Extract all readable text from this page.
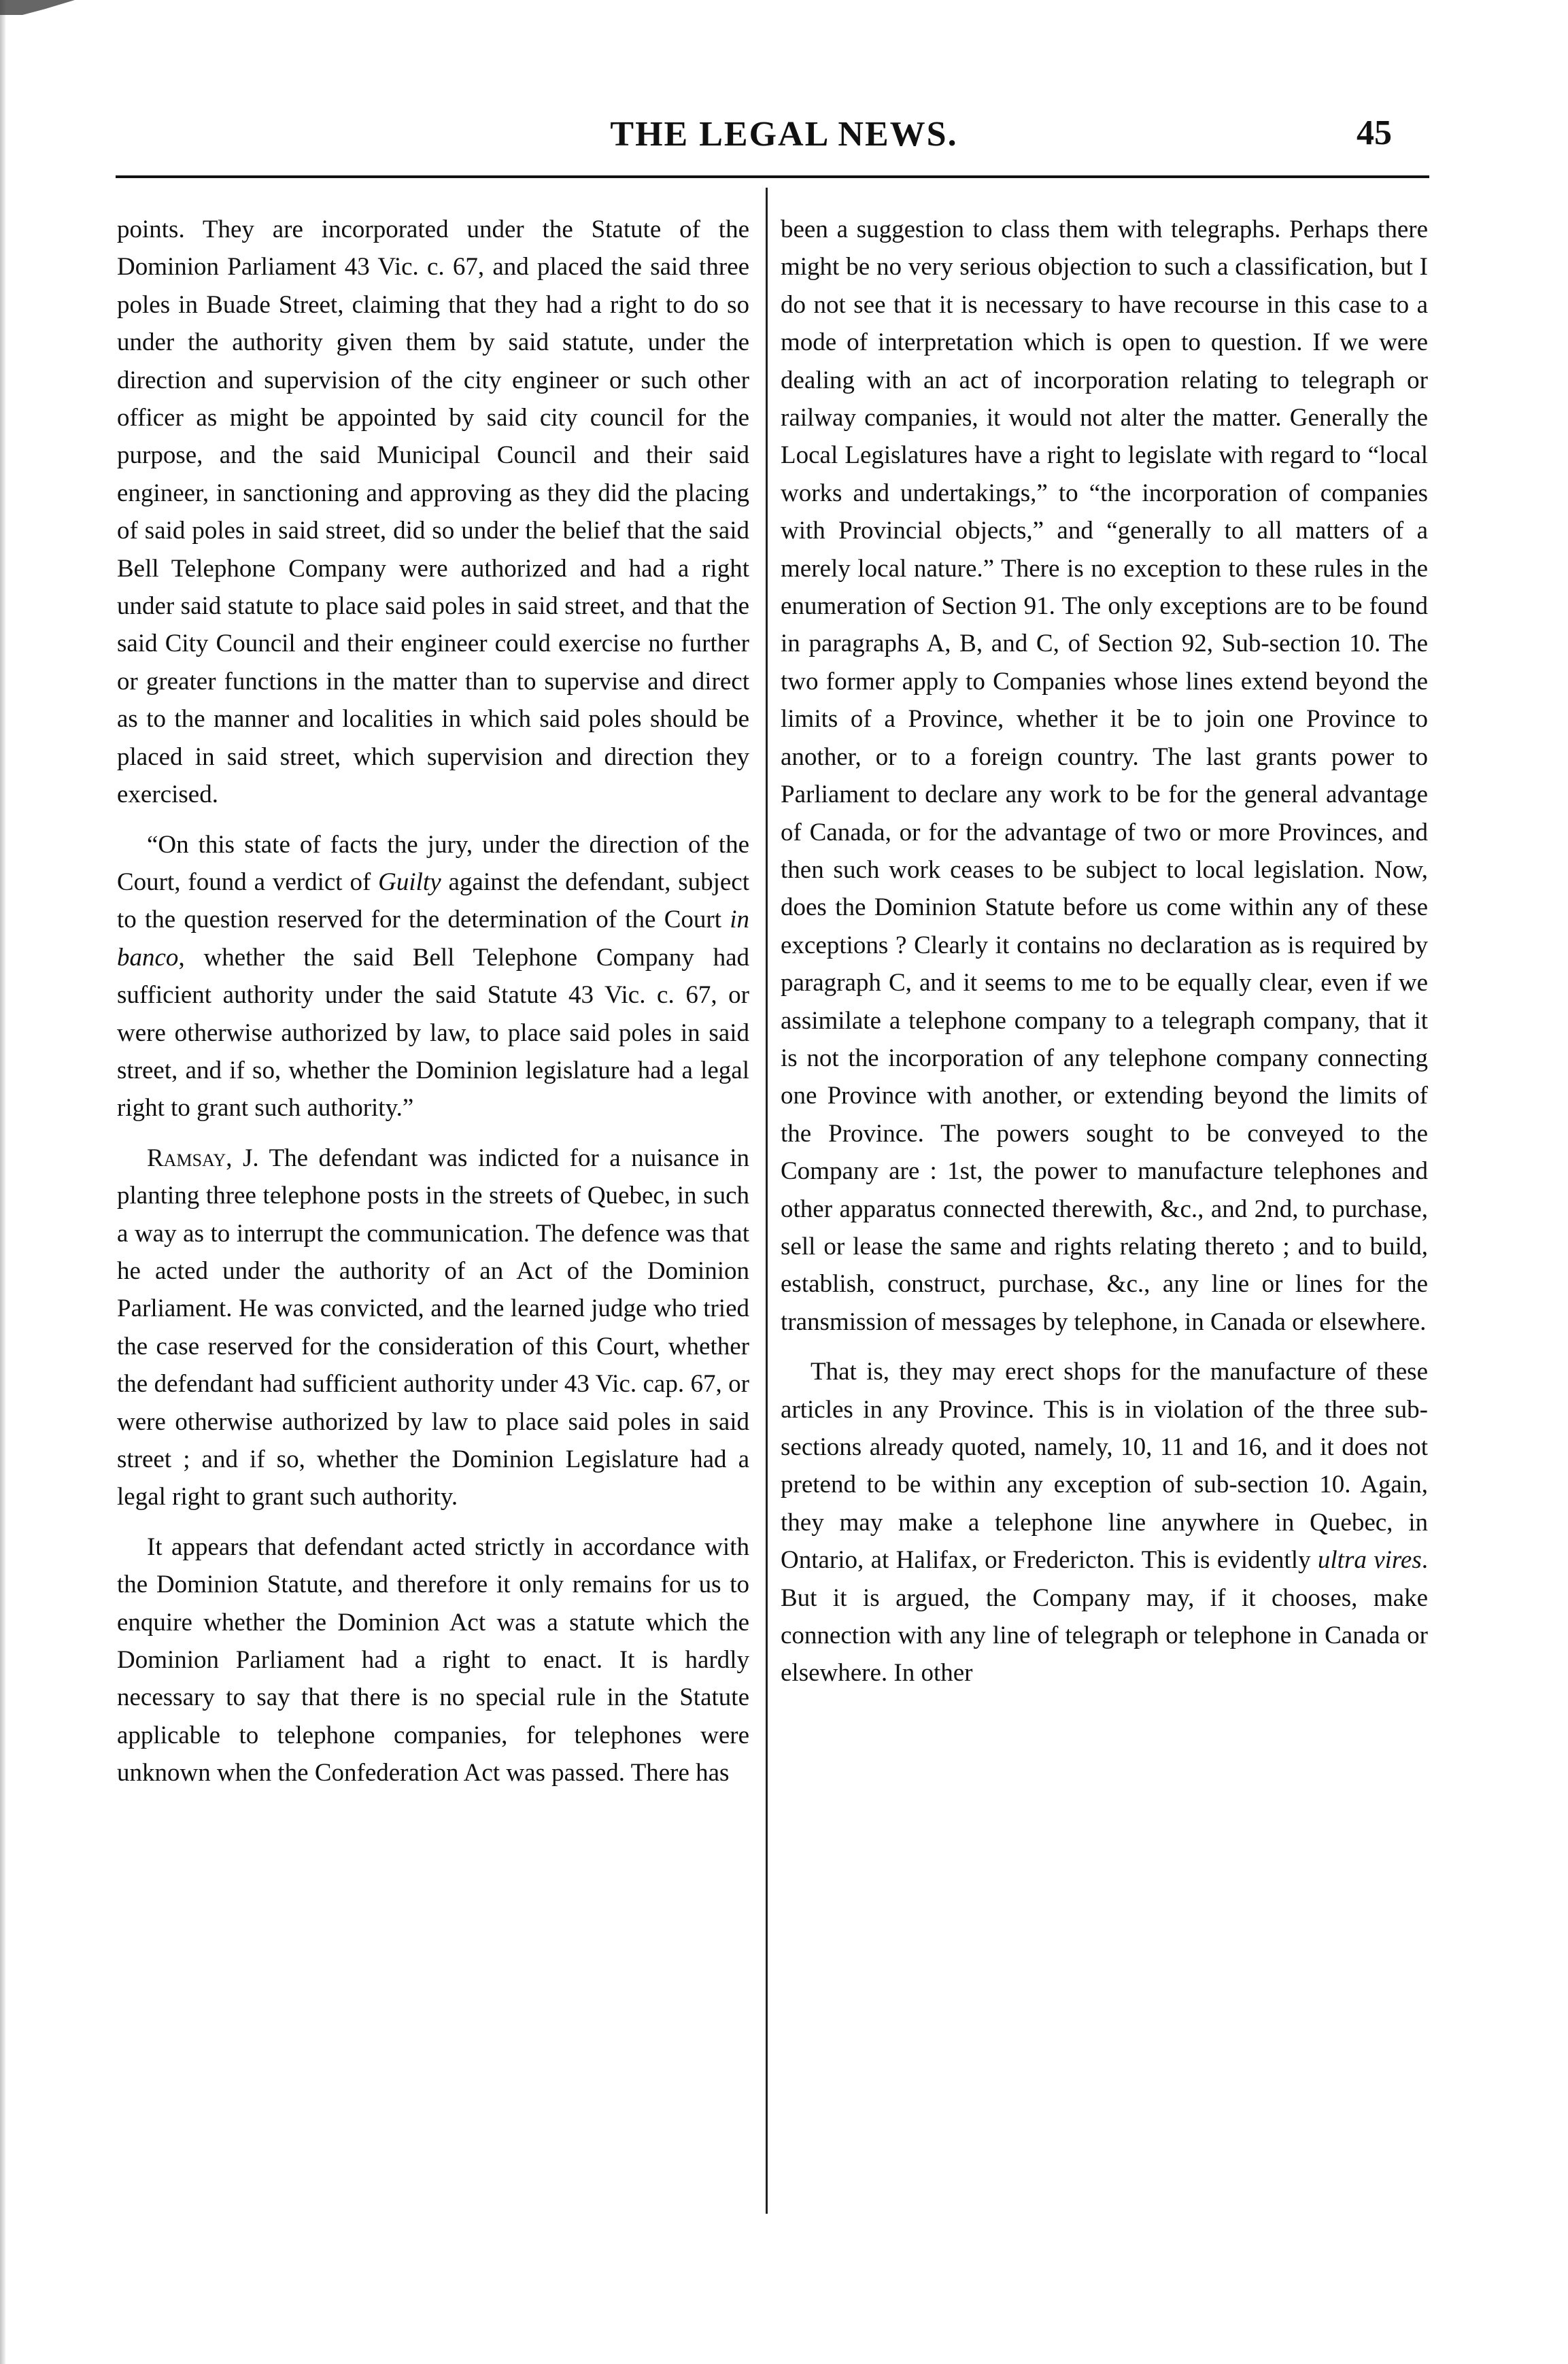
THE LEGAL NEWS.	45

points. They are incorporated under the Statute of the Dominion Parliament 43 Vic. c. 67, and placed the said three poles in Buade Street, claiming that they had a right to do so under the authority given them by said statute, under the direction and supervision of the city engineer or such other officer as might be appointed by said city council for the purpose, and the said Municipal Council and their said engineer, in sanctioning and approving as they did the placing of said poles in said street, did so under the belief that the said Bell Telephone Company were authorized and had a right under said statute to place said poles in said street, and that the said City Council and their engineer could exercise no further or greater functions in the matter than to supervise and direct as to the manner and localities in which said poles should be placed in said street, which supervision and direction they exercised.

“On this state of facts the jury, under the direction of the Court, found a verdict of Guilty against the defendant, subject to the question reserved for the determination of the Court in banco, whether the said Bell Telephone Company had sufficient authority under the said Statute 43 Vic. c. 67, or were otherwise authorized by law, to place said poles in said street, and if so, whether the Dominion legislature had a legal right to grant such authority.”

Ramsay, J. The defendant was indicted for a nuisance in planting three telephone posts in the streets of Quebec, in such a way as to interrupt the communication. The defence was that he acted under the authority of an Act of the Dominion Parliament. He was convicted, and the learned judge who tried the case reserved for the consideration of this Court, whether the defendant had sufficient authority under 43 Vic. cap. 67, or were otherwise authorized by law to place said poles in said street ; and if so, whether the Dominion Legislature had a legal right to grant such authority.

It appears that defendant acted strictly in accordance with the Dominion Statute, and therefore it only remains for us to enquire whether the Dominion Act was a statute which the Dominion Parliament had a right to enact. It is hardly necessary to say that there is no special rule in the Statute applicable to telephone companies, for telephones were unknown when the Confederation Act was passed. There has

been a suggestion to class them with telegraphs. Perhaps there might be no very serious objection to such a classification, but I do not see that it is necessary to have recourse in this case to a mode of interpretation which is open to question. If we were dealing with an act of incorporation relating to telegraph or railway companies, it would not alter the matter. Generally the Local Legislatures have a right to legislate with regard to “local works and undertakings,” to “the incorporation of companies with Provincial objects,” and “generally to all matters of a merely local nature.” There is no exception to these rules in the enumeration of Section 91. The only exceptions are to be found in paragraphs A, B, and C, of Section 92, Sub-section 10. The two former apply to Companies whose lines extend beyond the limits of a Province, whether it be to join one Province to another, or to a foreign country. The last grants power to Parliament to declare any work to be for the general advantage of Canada, or for the advantage of two or more Provinces, and then such work ceases to be subject to local legislation. Now, does the Dominion Statute before us come within any of these exceptions ? Clearly it contains no declaration as is required by paragraph C, and it seems to me to be equally clear, even if we assimilate a telephone company to a telegraph company, that it is not the incorporation of any telephone company connecting one Province with another, or extending beyond the limits of the Province. The powers sought to be conveyed to the Company are : 1st, the power to manufacture telephones and other apparatus connected therewith, &c., and 2nd, to purchase, sell or lease the same and rights relating thereto ; and to build, establish, construct, purchase, &c., any line or lines for the transmission of messages by telephone, in Canada or elsewhere.

That is, they may erect shops for the manufacture of these articles in any Province. This is in violation of the three sub-sections already quoted, namely, 10, 11 and 16, and it does not pretend to be within any exception of sub-section 10. Again, they may make a telephone line anywhere in Quebec, in Ontario, at Halifax, or Fredericton. This is evidently ultra vires. But it is argued, the Company may, if it chooses, make connection with any line of telegraph or telephone in Canada or elsewhere. In other
